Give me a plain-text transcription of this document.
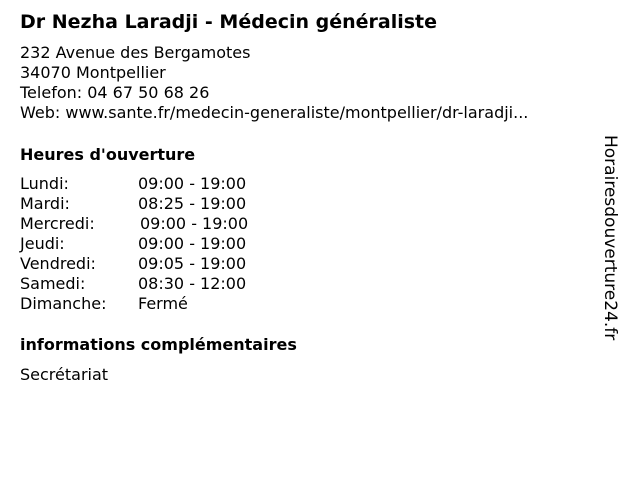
Dr Nezha Laradji - Médecin généraliste
232 Avenue des Bergamotes
34070 Montpellier
Telefon: 04 67 50 68 26
Web: www.sante.fr/medecin-generaliste/montpellier/dr-laradji...
Heures d'ouverture
Lundi:	09:00 - 19:00
Mardi:	08:25 - 19:00
Mercredi:	09:00 - 19:00
Jeudi:	09:00 - 19:00
Vendredi:	09:05 - 19:00
Samedi:	08:30 - 12:00
Dimanche: Fermé
informations complémentaires
Secrétariat
Horairesdouverture24.fr
